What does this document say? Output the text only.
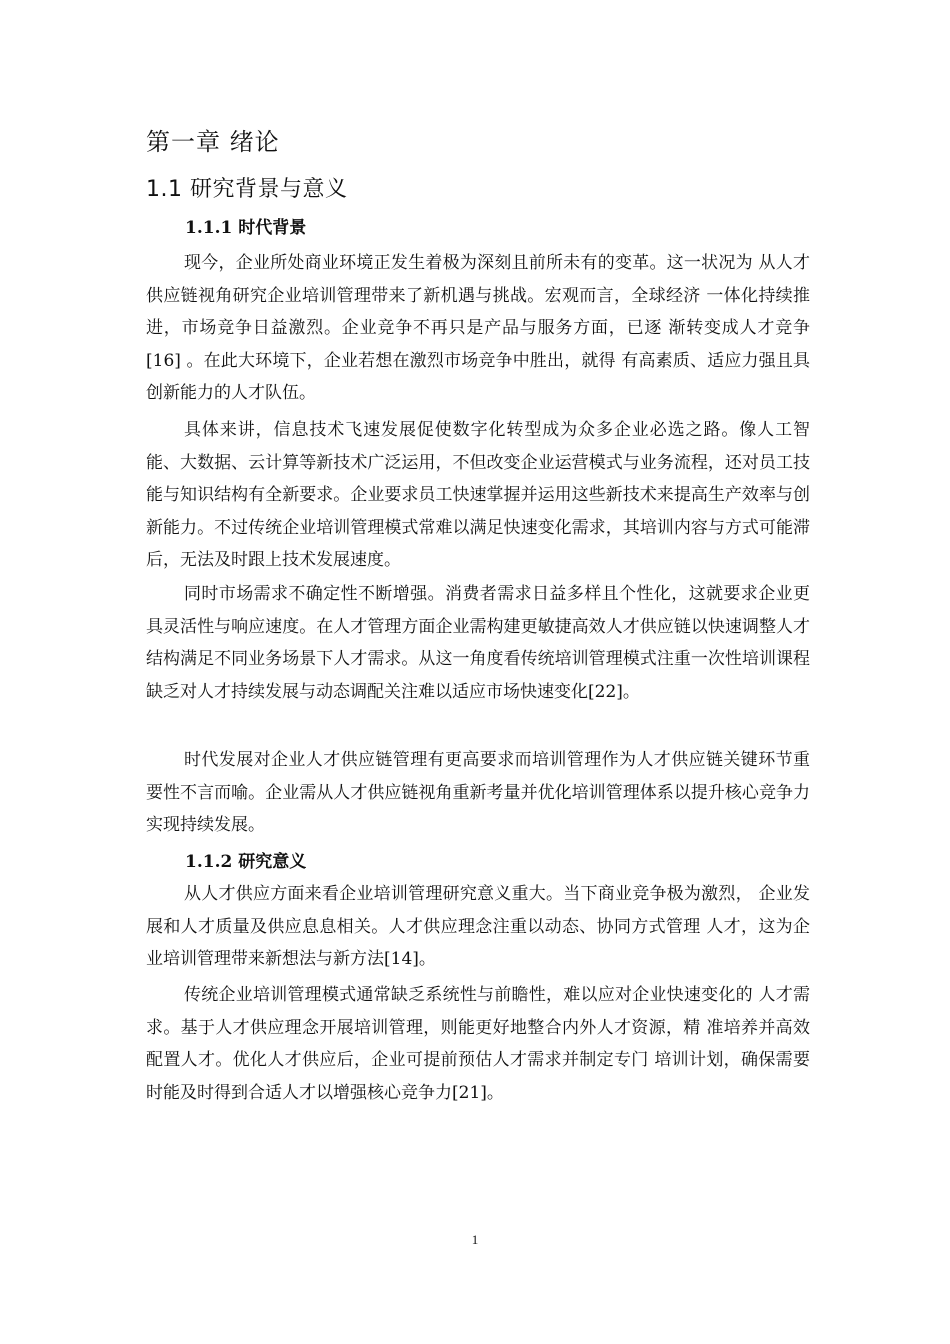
第一章 绪论
1.1 研究背景与意义
1.1.1 时代背景

现今，企业所处商业环境正发生着极为深刻且前所未有的变革。这一状况为 从人才供应链视角研究企业培训管理带来了新机遇与挑战。宏观而言，全球经济 一体化持续推进，市场竞争日益激烈。企业竞争不再只是产品与服务方面，已逐 渐转变成人才竞争[16] 。在此大环境下，企业若想在激烈市场竞争中胜出，就得 有高素质、适应力强且具创新能力的人才队伍。

具体来讲，信息技术飞速发展促使数字化转型成为众多企业必选之路。像人工智能、大数据、云计算等新技术广泛运用，不但改变企业运营模式与业务流程，还对员工技能与知识结构有全新要求。企业要求员工快速掌握并运用这些新技术来提高生产效率与创新能力。不过传统企业培训管理模式常难以满足快速变化需求，其培训内容与方式可能滞后，无法及时跟上技术发展速度。

同时市场需求不确定性不断增强。消费者需求日益多样且个性化，这就要求企业更具灵活性与响应速度。在人才管理方面企业需构建更敏捷高效人才供应链以快速调整人才结构满足不同业务场景下人才需求。从这一角度看传统培训管理模式注重一次性培训课程缺乏对人才持续发展与动态调配关注难以适应市场快速变化[22]。

时代发展对企业人才供应链管理有更高要求而培训管理作为人才供应链关键环节重要性不言而喻。企业需从人才供应链视角重新考量并优化培训管理体系以提升核心竞争力实现持续发展。

1.1.2 研究意义

从人才供应方面来看企业培训管理研究意义重大。当下商业竞争极为激烈， 企业发展和人才质量及供应息息相关。人才供应理念注重以动态、协同方式管理 人才，这为企业培训管理带来新想法与新方法[14]。

传统企业培训管理模式通常缺乏系统性与前瞻性，难以应对企业快速变化的 人才需求。基于人才供应理念开展培训管理，则能更好地整合内外人才资源，精 准培养并高效配置人才。优化人才供应后，企业可提前预估人才需求并制定专门 培训计划，确保需要时能及时得到合适人才以增强核心竞争力[21]。

1
